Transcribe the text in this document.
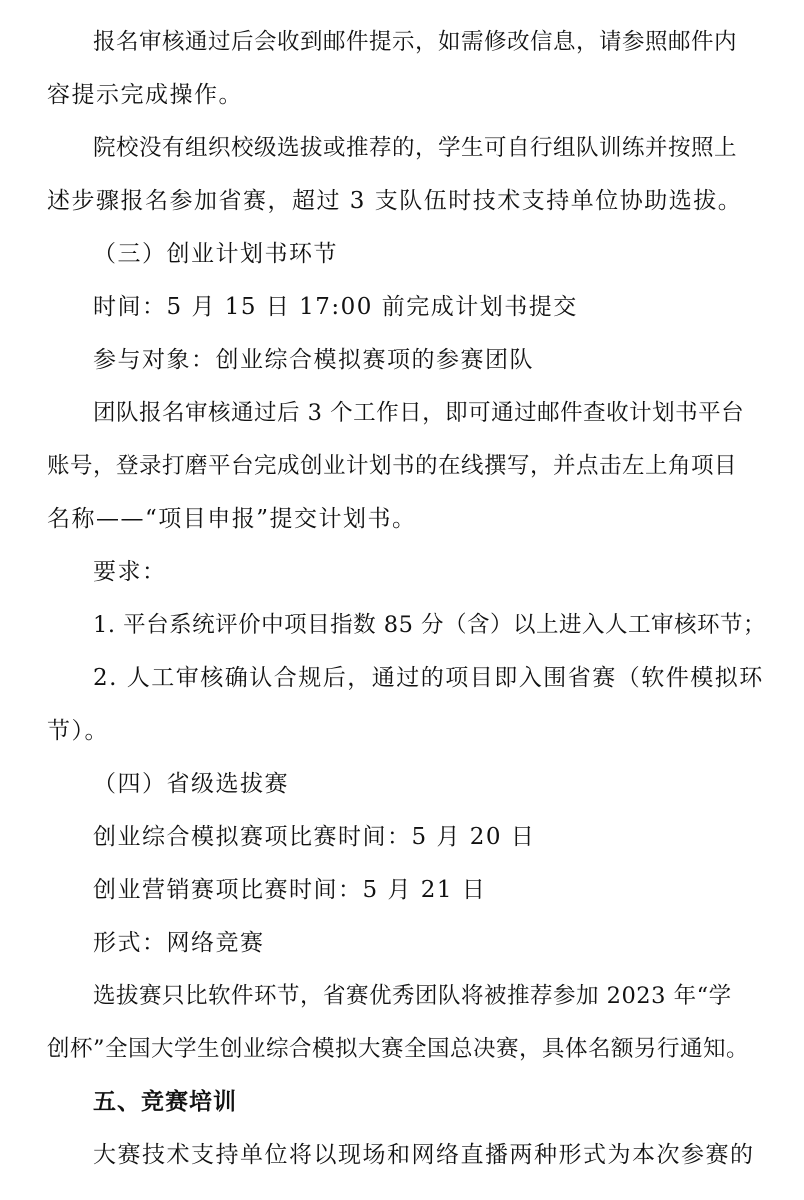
报名审核通过后会收到邮件提示，如需修改信息，请参照邮件内
容提示完成操作。
院校没有组织校级选拔或推荐的，学生可自行组队训练并按照上
述步骤报名参加省赛，超过 3 支队伍时技术支持单位协助选拔。
（三）创业计划书环节
时间：5 月 15 日 17:00 前完成计划书提交
参与对象：创业综合模拟赛项的参赛团队
团队报名审核通过后 3 个工作日，即可通过邮件查收计划书平台
账号，登录打磨平台完成创业计划书的在线撰写，并点击左上角项目
名称——“项目申报”提交计划书。
要求：
1. 平台系统评价中项目指数 85 分（含）以上进入人工审核环节；
2. 人工审核确认合规后，通过的项目即入围省赛（软件模拟环
节）。
（四）省级选拔赛
创业综合模拟赛项比赛时间：5 月 20 日
创业营销赛项比赛时间：5 月 21 日
形式：网络竞赛
选拔赛只比软件环节，省赛优秀团队将被推荐参加 2023 年“学
创杯”全国大学生创业综合模拟大赛全国总决赛，具体名额另行通知。
五、竞赛培训
大赛技术支持单位将以现场和网络直播两种形式为本次参赛的
